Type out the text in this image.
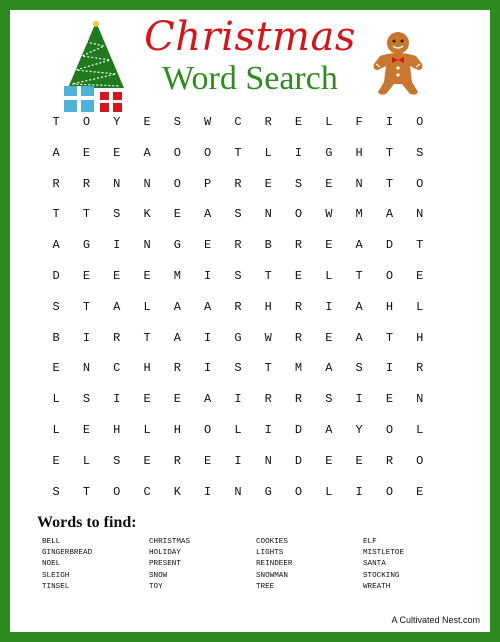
Christmas
Word Search
T	O	Y	E	S	W	C	R	E	L	F	I	O
A	E	E	A	O	O	T	L	I	G	H	T	S
R	R	N	N	O	P	R	E	S	E	N	T	O
T	T	S	K	E	A	S	N	O	W	M	A	N
A	G	I	N	G	E	R	B	R	E	A	D	T
D	E	E	E	M	I	S	T	E	L	T	O	E
S	T	A	L	A	A	R	H	R	I	A	H	L
B	I	R	T	A	I	G	W	R	E	A	T	H
E	N	C	H	R	I	S	T	M	A	S	I	R
L	S	I	E	E	A	I	R	R	S	I	E	N
L	E	H	L	H	O	L	I	D	A	Y	O	L
E	L	S	E	R	E	I	N	D	E	E	R	O
S	T	O	C	K	I	N	G	O	L	I	O	E
Words to find:
BELL	CHRISTMAS	COOKIES	ELF
GINGERBREAD	HOLIDAY	LIGHTS	MISTLETOE
NOEL	PRESENT	REINDEER	SANTA
SLEIGH	SNOW	SNOWMAN	STOCKING
TINSEL	TOY	TREE	WREATH
A Cultivated Nest.com
